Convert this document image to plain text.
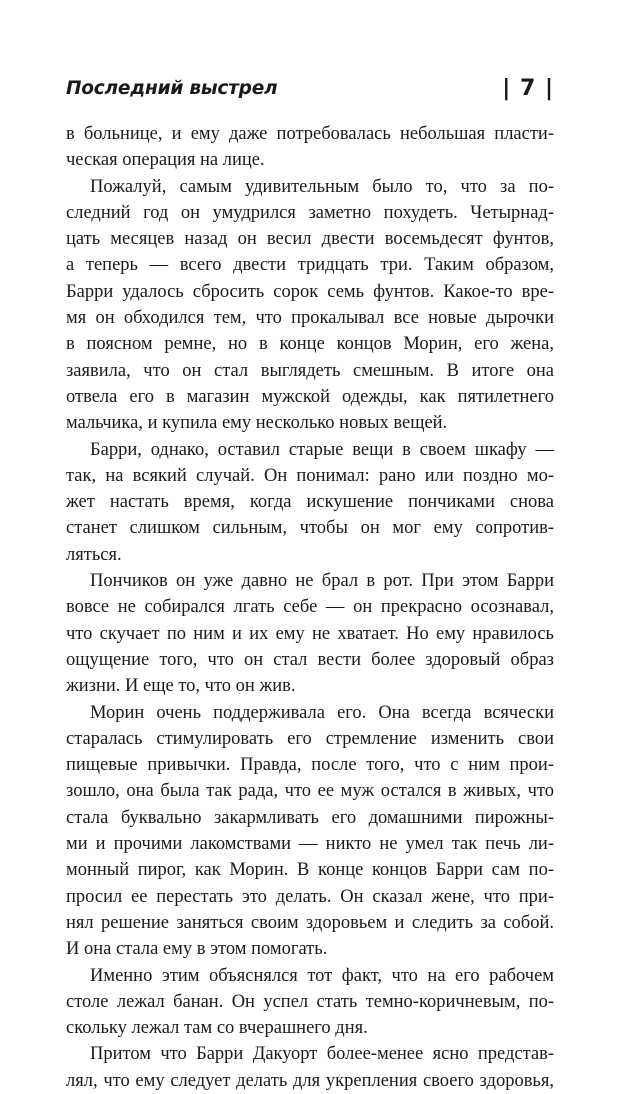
Последний выстрел	| 7 |
в больнице, и ему даже потребовалась небольшая пласти-
ческая операция на лице.
Пожалуй, самым удивительным было то, что за по-
следний год он умудрился заметно похудеть. Четырнад-
цать месяцев назад он весил двести восемьдесят фунтов,
а теперь — всего двести тридцать три. Таким образом,
Барри удалось сбросить сорок семь фунтов. Какое-то вре-
мя он обходился тем, что прокалывал все новые дырочки
в поясном ремне, но в конце концов Морин, его жена,
заявила, что он стал выглядеть смешным. В итоге она
отвела его в магазин мужской одежды, как пятилетнего
мальчика, и купила ему несколько новых вещей.
Барри, однако, оставил старые вещи в своем шкафу —
так, на всякий случай. Он понимал: рано или поздно мо-
жет настать время, когда искушение пончиками снова
станет слишком сильным, чтобы он мог ему сопротив-
ляться.
Пончиков он уже давно не брал в рот. При этом Барри
вовсе не собирался лгать себе — он прекрасно осознавал,
что скучает по ним и их ему не хватает. Но ему нравилось
ощущение того, что он стал вести более здоровый образ
жизни. И еще то, что он жив.
Морин очень поддерживала его. Она всегда всячески
старалась стимулировать его стремление изменить свои
пищевые привычки. Правда, после того, что с ним прои-
зошло, она была так рада, что ее муж остался в живых, что
стала буквально закармливать его домашними пирожны-
ми и прочими лакомствами — никто не умел так печь ли-
монный пирог, как Морин. В конце концов Барри сам по-
просил ее перестать это делать. Он сказал жене, что при-
нял решение заняться своим здоровьем и следить за собой.
И она стала ему в этом помогать.
Именно этим объяснялся тот факт, что на его рабочем
столе лежал банан. Он успел стать темно-коричневым, по-
скольку лежал там со вчерашнего дня.
Притом что Барри Дакуорт более-менее ясно представ-
лял, что ему следует делать для укрепления своего здоровья,
